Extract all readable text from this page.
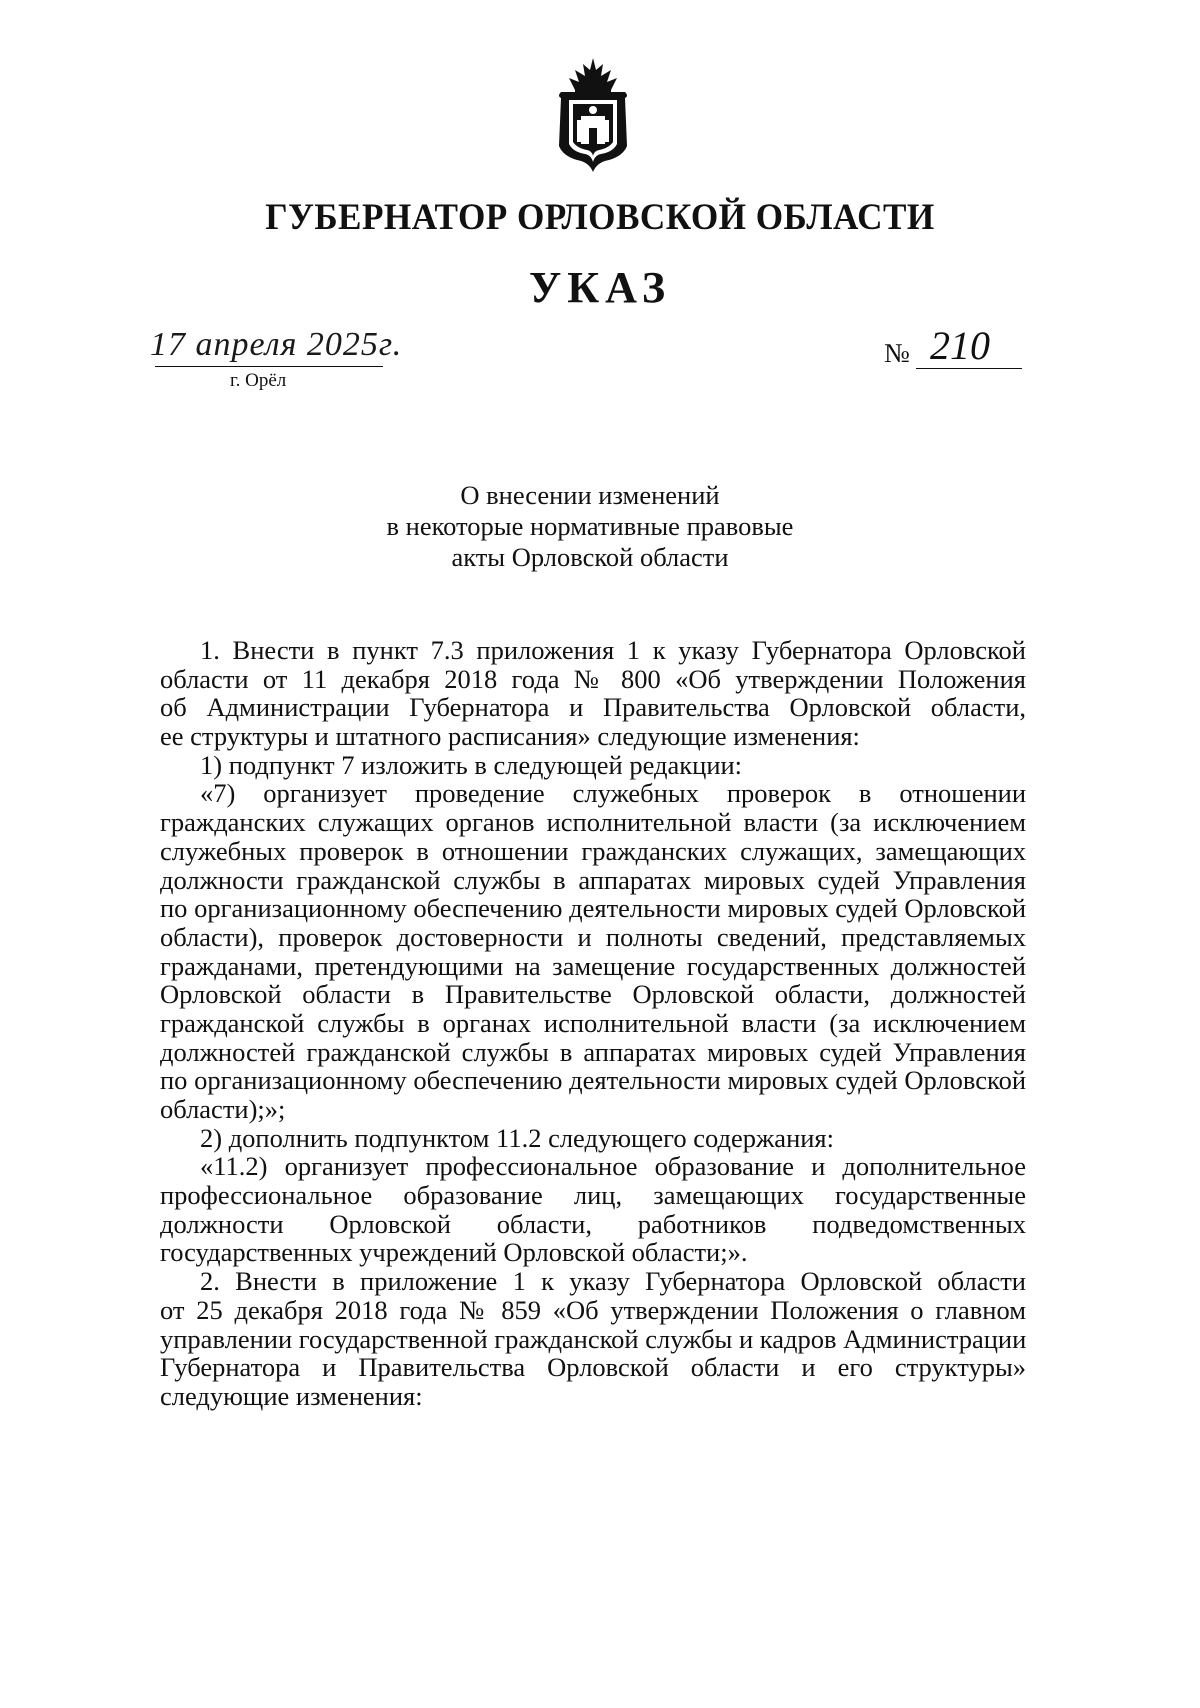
ГУБЕРНАТОР ОРЛОВСКОЙ ОБЛАСТИ
УКАЗ
17 апреля 2025г.
г. Орёл
№ 210
О внесении изменений
в некоторые нормативные правовые
акты Орловской области
1. Внести в пункт 7.3 приложения 1 к указу Губернатора Орловской
области от 11 декабря 2018 года № 800 «Об утверждении Положения
об Администрации Губернатора и Правительства Орловской области,
ее структуры и штатного расписания» следующие изменения:
1) подпункт 7 изложить в следующей редакции:
«7) организует проведение служебных проверок в отношении
гражданских служащих органов исполнительной власти (за исключением
служебных проверок в отношении гражданских служащих, замещающих
должности гражданской службы в аппаратах мировых судей Управления
по организационному обеспечению деятельности мировых судей Орловской
области), проверок достоверности и полноты сведений, представляемых
гражданами, претендующими на замещение государственных должностей
Орловской области в Правительстве Орловской области, должностей
гражданской службы в органах исполнительной власти (за исключением
должностей гражданской службы в аппаратах мировых судей Управления
по организационному обеспечению деятельности мировых судей Орловской
области);»;
2) дополнить подпунктом 11.2 следующего содержания:
«11.2) организует профессиональное образование и дополнительное
профессиональное образование лиц, замещающих государственные
должности Орловской области, работников подведомственных
государственных учреждений Орловской области;».
2. Внести в приложение 1 к указу Губернатора Орловской области
от 25 декабря 2018 года № 859 «Об утверждении Положения о главном
управлении государственной гражданской службы и кадров Администрации
Губернатора и Правительства Орловской области и его структуры»
следующие изменения:
